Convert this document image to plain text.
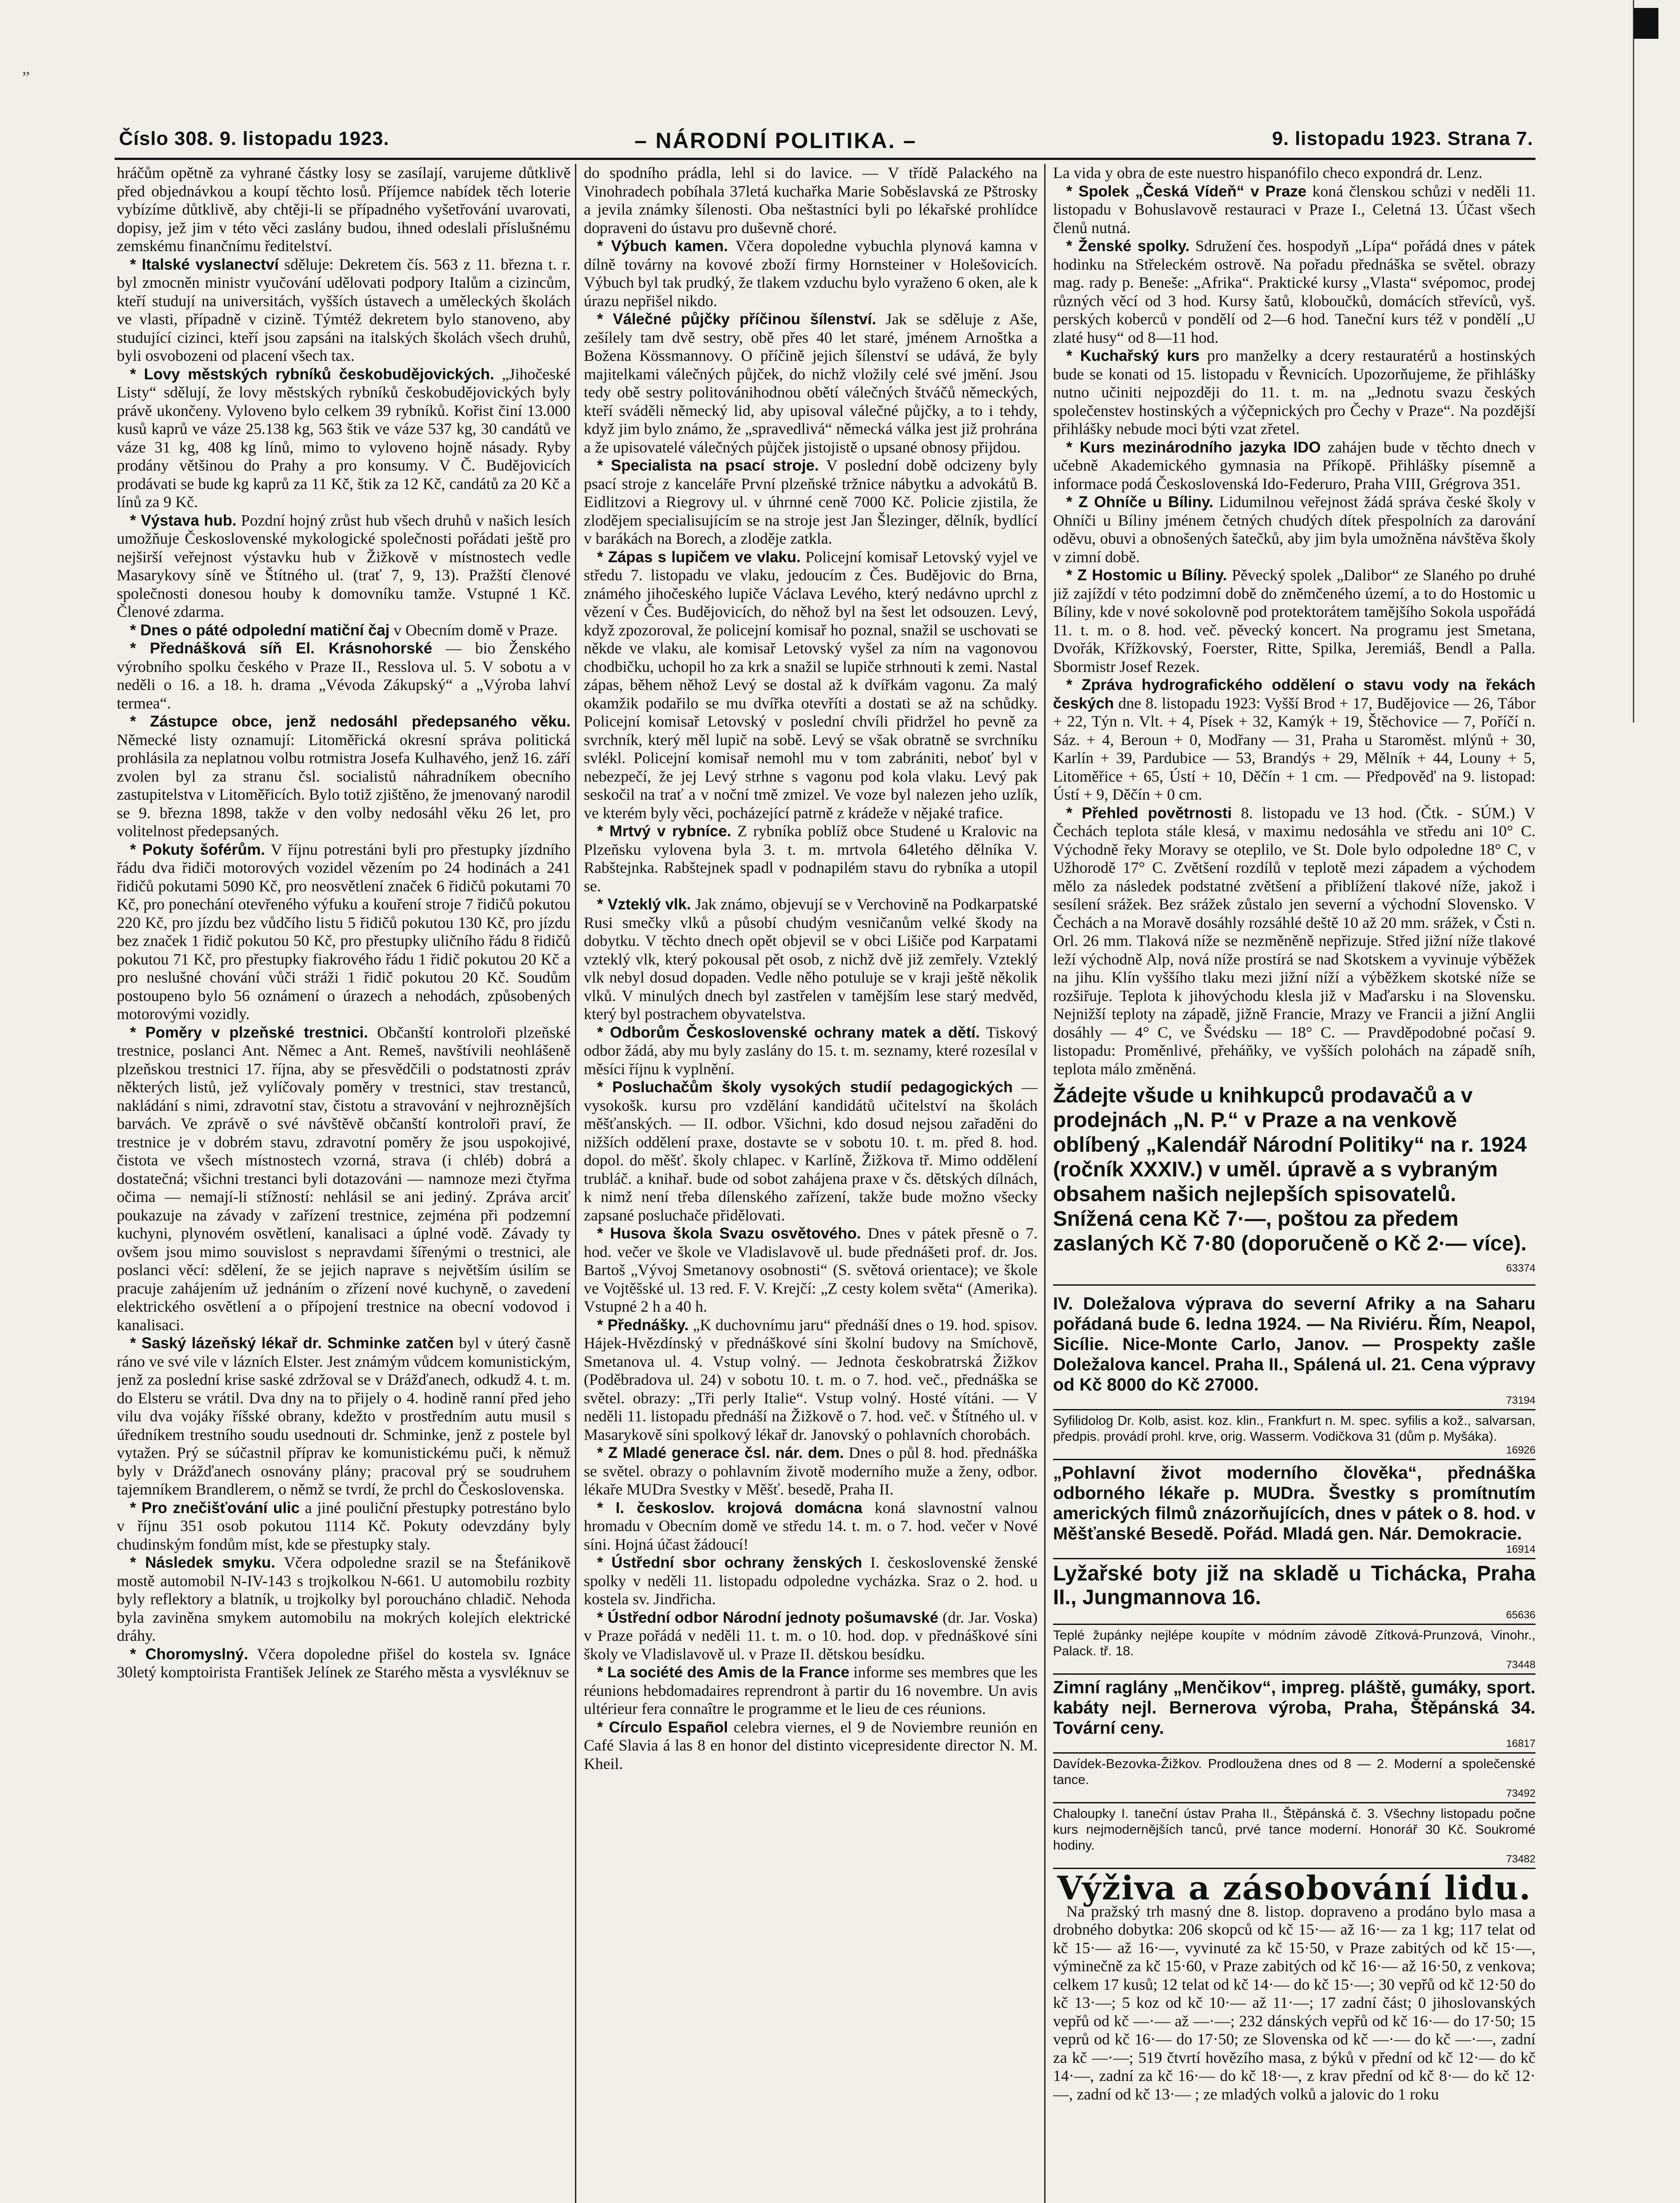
„
Číslo 308. 9. listopadu 1923.	– NÁRODNÍ POLITIKA. –	9. listopadu 1923. Strana 7.

hráčům opětně za vyhrané částky losy se zasílají, varujeme důtklivě před objednávkou a koupí těchto losů. Příjemce nabídek těch loterie vybízíme důtklivě, aby chtěji-li se případného vyšetřování uvarovati, dopisy, jež jim v této věci zaslány budou, ihned odeslali příslušnému zemskému finančnímu ředitelství.

* Italské vyslanectví sděluje: Dekretem čís. 563 z 11. března t. r. byl zmocněn ministr vyučování udělovati podpory Italům a cizincům, kteří studují na universitách, vyšších ústavech a uměleckých školách ve vlasti, případně v cizině. Týmtéž dekretem bylo stanoveno, aby studující cizinci, kteří jsou zapsáni na italských školách všech druhů, byli osvobozeni od placení všech tax.

* Lovy městských rybníků českobudějovických. „Jihočeské Listy“ sdělují, že lovy městských rybníků českobudějovických byly právě ukončeny. Vyloveno bylo celkem 39 rybníků. Kořist činí 13.000 kusů kaprů ve váze 25.138 kg, 563 štik ve váze 537 kg, 30 candátů ve váze 31 kg, 408 kg línů, mimo to vyloveno hojně násady. Ryby prodány většinou do Prahy a pro konsumy. V Č. Budějovicích prodávati se bude kg kaprů za 11 Kč, štik za 12 Kč, candátů za 20 Kč a línů za 9 Kč.

* Výstava hub. Pozdní hojný zrůst hub všech druhů v našich lesích umožňuje Československé mykologické společnosti pořádati ještě pro nejširší veřejnost výstavku hub v Žižkově v místnostech vedle Masarykovy síně ve Štítného ul. (trať 7, 9, 13). Pražští členové společnosti donesou houby k domovníku tamže. Vstupné 1 Kč. Členové zdarma.

* Dnes o páté odpolední matiční čaj v Obecním domě v Praze.

* Přednášková síň El. Krásnohorské — bio Ženského výrobního spolku českého v Praze II., Resslova ul. 5. V sobotu a v neděli o 16. a 18. h. drama „Vévoda Zákupský“ a „Výroba lahví termea“.

* Zástupce obce, jenž nedosáhl předepsaného věku. Německé listy oznamují: Litoměřická okresní správa politická prohlásila za neplatnou volbu rotmistra Josefa Kulhavého, jenž 16. září zvolen byl za stranu čsl. socialistů náhradníkem obecního zastupitelstva v Litoměřicích. Bylo totiž zjištěno, že jmenovaný narodil se 9. března 1898, takže v den volby nedosáhl věku 26 let, pro volitelnost předepsaných.

* Pokuty šoférům. V říjnu potrestáni byli pro přestupky jízdního řádu dva řidiči motorových vozidel vězením po 24 hodinách a 241 řidičů pokutami 5090 Kč, pro neosvětlení značek 6 řidičů pokutami 70 Kč, pro ponechání otevřeného výfuku a kouření stroje 7 řidičů pokutou 220 Kč, pro jízdu bez vůdčího listu 5 řidičů pokutou 130 Kč, pro jízdu bez značek 1 řidič pokutou 50 Kč, pro přestupky uličního řádu 8 řidičů pokutou 71 Kč, pro přestupky fiakrového řádu 1 řidič pokutou 20 Kč a pro neslušné chování vůči stráži 1 řidič pokutou 20 Kč. Soudům postoupeno bylo 56 oznámení o úrazech a nehodách, způsobených motorovými vozidly.

* Poměry v plzeňské trestnici. Občanští kontroloři plzeňské trestnice, poslanci Ant. Němec a Ant. Remeš, navštívili neohlášeně plzeňskou trestnici 17. října, aby se přesvědčili o podstatnosti zpráv některých listů, jež vylíčovaly poměry v trestnici, stav trestanců, nakládání s nimi, zdravotní stav, čistotu a stravování v nejhroznějších barvách. Ve zprávě o své návštěvě občanští kontroloři praví, že trestnice je v dobrém stavu, zdravotní poměry že jsou uspokojivé, čistota ve všech místnostech vzorná, strava (i chléb) dobrá a dostatečná; všichni trestanci byli dotazováni — namnoze mezi čtyřma očima — nemají-li stížností: nehlásil se ani jediný. Zpráva arciť poukazuje na závady v zařízení trestnice, zejména při podzemní kuchyni, plynovém osvětlení, kanalisaci a úplné vodě. Závady ty ovšem jsou mimo souvislost s nepravdami šířenými o trestnici, ale poslanci věcí: sdělení, že se jejich naprave s největším úsilím se pracuje zahájením už jednáním o zřízení nové kuchyně, o zavedení elektrického osvětlení a o přípojení trestnice na obecní vodovod i kanalisaci.

* Saský lázeňský lékař dr. Schminke zatčen byl v úterý časně ráno ve své vile v lázních Elster. Jest známým vůdcem komunistickým, jenž za poslední krise saské zdržoval se v Drážďanech, odkudž 4. t. m. do Elsteru se vrátil. Dva dny na to přijely o 4. hodině ranní před jeho vilu dva vojáky říšské obrany, kdežto v prostředním autu musil s úředníkem trestního soudu usednouti dr. Schminke, jenž z postele byl vytažen. Prý se súčastnil příprav ke komunistickému puči, k němuž byly v Drážďanech osnovány plány; pracoval prý se soudruhem tajemníkem Brandlerem, o němž se tvrdí, že prchl do Československa.

* Pro znečišťování ulic a jiné pouliční přestupky potrestáno bylo v říjnu 351 osob pokutou 1114 Kč. Pokuty odevzdány byly chudinským fondům míst, kde se přestupky staly.

* Následek smyku. Včera odpoledne srazil se na Štefánikově mostě automobil N-IV-143 s trojkolkou N-661. U automobilu rozbity byly reflektory a blatník, u trojkolky byl poroucháno chladič. Nehoda byla zaviněna smykem automobilu na mokrých kolejích elektrické dráhy.

* Choromyslný. Včera dopoledne přišel do kostela sv. Ignáce 30letý komptoirista František Jelínek ze Starého města a vysvléknuv se

do spodního prádla, lehl si do lavice. — V třídě Palackého na Vinohradech pobíhala 37letá kuchařka Marie Soběslavská ze Pštrosky a jevila známky šílenosti. Oba neštastníci byli po lékařské prohlídce dopraveni do ústavu pro duševně choré.

* Výbuch kamen. Včera dopoledne vybuchla plynová kamna v dílně továrny na kovové zboží firmy Hornsteiner v Holešovicích. Výbuch byl tak prudký, že tlakem vzduchu bylo vyraženo 6 oken, ale k úrazu nepřišel nikdo.

* Válečné půjčky příčinou šílenství. Jak se sděluje z Aše, zešílely tam dvě sestry, obě přes 40 let staré, jménem Arnoštka a Božena Kössmannovy. O příčině jejich šílenství se udává, že byly majitelkami válečných půjček, do nichž vložily celé své jmění. Jsou tedy obě sestry politovánihodnou obětí válečných štváčů německých, kteří sváděli německý lid, aby upisoval válečné půjčky, a to i tehdy, když jim bylo známo, že „spravedlivá“ německá válka jest již prohrána a že upisovatelé válečných půjček jistojistě o upsané obnosy přijdou.

* Specialista na psací stroje. V poslední době odcizeny byly psací stroje z kanceláře První plzeňské tržnice nábytku a advokátů B. Eidlitzovi a Riegrovy ul. v úhrnné ceně 7000 Kč. Policie zjistila, že zlodějem specialisujícím se na stroje jest Jan Šlezinger, dělník, bydlící v barákách na Borech, a zloděje zatkla.

* Zápas s lupičem ve vlaku. Policejní komisař Letovský vyjel ve středu 7. listopadu ve vlaku, jedoucím z Čes. Budějovic do Brna, známého jihočeského lupiče Václava Levého, který nedávno uprchl z vězení v Čes. Budějovicích, do něhož byl na šest let odsouzen. Levý, když zpozoroval, že policejní komisař ho poznal, snažil se uschovati se někde ve vlaku, ale komisař Letovský vyšel za ním na vagonovou chodbičku, uchopil ho za krk a snažil se lupiče strhnouti k zemi. Nastal zápas, během něhož Levý se dostal až k dvířkám vagonu. Za malý okamžik podařilo se mu dvířka otevříti a dostati se až na schůdky. Policejní komisař Letovský v poslední chvíli přidržel ho pevně za svrchník, který měl lupič na sobě. Levý se však obratně se svrchníku svlékl. Policejní komisař nemohl mu v tom zabrániti, neboť byl v nebezpečí, že jej Levý strhne s vagonu pod kola vlaku. Levý pak seskočil na trať a v noční tmě zmizel. Ve voze byl nalezen jeho uzlík, ve kterém byly věci, pocházející patrně z krádeže v nějaké trafice.

* Mrtvý v rybníce. Z rybníka poblíž obce Studené u Kralovic na Plzeňsku vylovena byla 3. t. m. mrtvola 64letého dělníka V. Rabštejnka. Rabštejnek spadl v podnapilém stavu do rybníka a utopil se.

* Vzteklý vlk. Jak známo, objevují se v Verchovině na Podkarpatské Rusi smečky vlků a působí chudým vesničanům velké škody na dobytku. V těchto dnech opět objevil se v obci Lišiče pod Karpatami vzteklý vlk, který pokousal pět osob, z nichž dvě již zemřely. Vzteklý vlk nebyl dosud dopaden. Vedle něho potuluje se v kraji ještě několik vlků. V minulých dnech byl zastřelen v tamějším lese starý medvěd, který byl postrachem obyvatelstva.

* Odborům Československé ochrany matek a dětí. Tiskový odbor žádá, aby mu byly zaslány do 15. t. m. seznamy, které rozesílal v měsíci říjnu k vyplnění.

* Posluchačům školy vysokých studií pedagogických — vysokošk. kursu pro vzdělání kandidátů učitelství na školách měšťanských. — II. odbor. Všichni, kdo dosud nejsou zařaděni do nižších oddělení praxe, dostavte se v sobotu 10. t. m. před 8. hod. dopol. do měšť. školy chlapec. v Karlíně, Žižkova tř. Mimo oddělení trubláč. a knihař. bude od sobot zahájena praxe v čs. dětských dílnách, k nimž není třeba dílenského zařízení, takže bude možno všecky zapsané posluchače přidělovati.

* Husova škola Svazu osvětového. Dnes v pátek přesně o 7. hod. večer ve škole ve Vladislavově ul. bude přednášeti prof. dr. Jos. Bartoš „Vývoj Smetanovy osobnosti“ (S. světová orientace); ve škole ve Vojtěšské ul. 13 red. F. V. Krejčí: „Z cesty kolem světa“ (Amerika). Vstupné 2 h a 40 h.

* Přednášky. „K duchovnímu jaru“ přednáší dnes o 19. hod. spisov. Hájek-Hvězdínský v přednáškové síni školní budovy na Smíchově, Smetanova ul. 4. Vstup volný. — Jednota českobratrská Žižkov (Poděbradova ul. 24) v sobotu 10. t. m. o 7. hod. več., přednáška se světel. obrazy: „Tři perly Italie“. Vstup volný. Hosté vítáni. — V neděli 11. listopadu přednáší na Žižkově o 7. hod. več. v Štítného ul. v Masarykově síni spolkový lékař dr. Janovský o pohlavních chorobách.

* Z Mladé generace čsl. nár. dem. Dnes o půl 8. hod. přednáška se světel. obrazy o pohlavním životě moderního muže a ženy, odbor. lékaře MUDra Svestky v Měšť. besedě, Praha II.

* I. českoslov. krojová domácna koná slavnostní valnou hromadu v Obecním domě ve středu 14. t. m. o 7. hod. večer v Nové síni. Hojná účast žádoucí!

* Ústřední sbor ochrany ženských I. československé ženské spolky v neděli 11. listopadu odpoledne vycházka. Sraz o 2. hod. u kostela sv. Jindřicha.

* Ústřední odbor Národní jednoty pošumavské (dr. Jar. Voska) v Praze pořádá v neděli 11. t. m. o 10. hod. dop. v přednáškové síni školy ve Vladislavově ul. v Praze II. dětskou besídku.

* La société des Amis de la France informe ses membres que les réunions hebdomadaires reprendront à partir du 16 novembre. Un avis ultérieur fera connaître le programme et le lieu de ces réunions.

* Círculo Español celebra viernes, el 9 de Noviembre reunión en Café Slavia á las 8 en honor del distinto vicepresidente director N. M. Kheil.

La vida y obra de este nuestro hispanófilo checo expondrá dr. Lenz.

* Spolek „Česká Vídeň“ v Praze koná členskou schůzi v neděli 11. listopadu v Bohuslavově restauraci v Praze I., Celetná 13. Účast všech členů nutná.

* Ženské spolky. Sdružení čes. hospodyň „Lípa“ pořádá dnes v pátek hodinku na Střeleckém ostrově. Na pořadu přednáška se světel. obrazy mag. rady p. Beneše: „Afrika“. Praktické kursy „Vlasta“ svépomoc, prodej různých věcí od 3 hod. Kursy šatů, kloboučků, domácích střevíců, vyš. perských koberců v pondělí od 2—6 hod. Taneční kurs též v pondělí „U zlaté husy“ od 8—11 hod.

* Kuchařský kurs pro manželky a dcery restauratérů a hostinských bude se konati od 15. listopadu v Řevnicích. Upozorňujeme, že přihlášky nutno učiniti nejpozději do 11. t. m. na „Jednotu svazu českých společenstev hostinských a výčepnických pro Čechy v Praze“. Na pozdější přihlášky nebude moci býti vzat zřetel.

* Kurs mezinárodního jazyka IDO zahájen bude v těchto dnech v učebně Akademického gymnasia na Příkopě. Přihlášky písemně a informace podá Československá Ido-Federuro, Praha VIII, Grégrova 351.

* Z Ohníče u Bíliny. Lidumilnou veřejnost žádá správa české školy v Ohníči u Bíliny jménem četných chudých dítek přespolních za darování oděvu, obuvi a obnošených šatečků, aby jim byla umožněna návštěva školy v zimní době.

* Z Hostomic u Bíliny. Pěvecký spolek „Dalibor“ ze Slaného po druhé již zajíždí v této podzimní době do zněmčeného území, a to do Hostomic u Bíliny, kde v nové sokolovně pod protektorátem tamějšího Sokola uspořádá 11. t. m. o 8. hod. več. pěvecký koncert. Na programu jest Smetana, Dvořák, Křížkovský, Foerster, Ritte, Spilka, Jeremiáš, Bendl a Palla. Sbormistr Josef Rezek.

* Zpráva hydrografického oddělení o stavu vody na řekách českých dne 8. listopadu 1923: Vyšší Brod + 17, Budějovice — 26, Tábor + 22, Týn n. Vlt. + 4, Písek + 32, Kamýk + 19, Štěchovice — 7, Poříčí n. Sáz. + 4, Beroun + 0, Modřany — 31, Praha u Staroměst. mlýnů + 30, Karlín + 39, Pardubice — 53, Brandýs + 29, Mělník + 44, Louny + 5, Litoměřice + 65, Ústí + 10, Děčín + 1 cm. — Předpověď na 9. listopad: Ústí + 9, Děčín + 0 cm.

* Přehled povětrnosti 8. listopadu ve 13 hod. (Čtk. - SÚM.) V Čechách teplota stále klesá, v maximu nedosáhla ve středu ani 10° C. Východně řeky Moravy se oteplilo, ve St. Dole bylo odpoledne 18° C, v Užhorodě 17° C. Zvětšení rozdílů v teplotě mezi západem a východem mělo za následek podstatné zvětšení a přiblížení tlakové níže, jakož i sesílení srážek. Bez srážek zůstalo jen severní a východní Slovensko. V Čechách a na Moravě dosáhly rozsáhlé deště 10 až 20 mm. srážek, v Čsti n. Orl. 26 mm. Tlaková níže se nezměněně nepřizuje. Střed jižní níže tlakové leží východně Alp, nová níže prostírá se nad Skotskem a vyvinuje výběžek na jihu. Klín vyššího tlaku mezi jižní níží a výběžkem skotské níže se rozšiřuje. Teplota k jihovýchodu klesla již v Maďarsku i na Slovensku. Nejnižší teploty na západě, jižně Francie, Mrazy ve Francii a jižní Anglii dosáhly — 4° C, ve Švédsku — 18° C. — Pravděpodobné počasí 9. listopadu: Proměnlivé, přeháňky, ve vyšších polohách na západě sníh, teplota málo změněná.

Žádejte všude u knihkupců prodavačů a v prodejnách „N. P.“ v Praze a na venkově oblíbený „Kalendář Národní Politiky“ na r. 1924 (ročník XXXIV.) v uměl. úpravě a s vybraným obsahem našich nejlepších spisovatelů. Snížená cena Kč 7·—, poštou za předem zaslaných Kč 7·80 (doporučeně o Kč 2·— více).
63374
IV. Doležalova výprava do severní Afriky a na Saharu pořádaná bude 6. ledna 1924. — Na Riviéru. Řím, Neapol, Sicílie. Nice-Monte Carlo, Janov. — Prospekty zašle Doležalova kancel. Praha II., Spálená ul. 21. Cena výpravy od Kč 8000 do Kč 27000.
73194
Syfilidolog Dr. Kolb, asist. koz. klin., Frankfurt n. M. spec. syfilis a kož., salvarsan, předpis. provádí prohl. krve, orig. Wasserm. Vodičkova 31 (dům p. Myšáka).
16926
„Pohlavní život moderního člověka“, přednáška odborného lékaře p. MUDra. Švestky s promítnutím amerických filmů znázorňujících, dnes v pátek o 8. hod. v Měšťanské Besedě. Pořád. Mladá gen. Nár. Demokracie.
16914
Lyžařské boty již na skladě u Tichácka, Praha II., Jungmannova 16.
65636
Teplé župánky nejlépe koupíte v módním závodě Zítková-Prunzová, Vinohr., Palack. tř. 18.
73448
Zimní raglány „Menčikov“, impreg. pláště, gumáky, sport. kabáty nejl. Bernerova výroba, Praha, Štěpánská 34. Tovární ceny.
16817
Davídek-Bezovka-Žižkov. Prodloužena dnes od 8 — 2. Moderní a společenské tance.
73492
Chaloupky I. taneční ústav Praha II., Štěpánská č. 3. Všechny listopadu počne kurs nejmodernějších tanců, prvé tance moderní. Honorář 30 Kč. Soukromé hodiny.
73482
Výživa a zásobování lidu.

Na pražský trh masný dne 8. listop. dopraveno a prodáno bylo masa a drobného dobytka: 206 skopců od kč 15·— až 16·— za 1 kg; 117 telat od kč 15·— až 16·—, vyvinuté za kč 15·50, v Praze zabitých od kč 15·—, výminečně za kč 15·60, v Praze zabitých od kč 16·— až 16·50, z venkova; celkem 17 kusů; 12 telat od kč 14·— do kč 15·—; 30 vepřů od kč 12·50 do kč 13·—; 5 koz od kč 10·— až 11·—; 17 zadní část; 0 jihoslovanských vepřů od kč —·— až —·—; 232 dánských vepřů od kč 16·— do 17·50; 15 veprů od kč 16·— do 17·50; ze Slovenska od kč —·— do kč —·—, zadní za kč —·—; 519 čtvrtí hovězího masa, z býků v přední od kč 12·— do kč 14·—, zadní za kč 16·— do kč 18·—, z krav přední od kč 8·— do kč 12·—, zadní od kč 13·— ; ze mladých volků a jalovic do 1 roku
